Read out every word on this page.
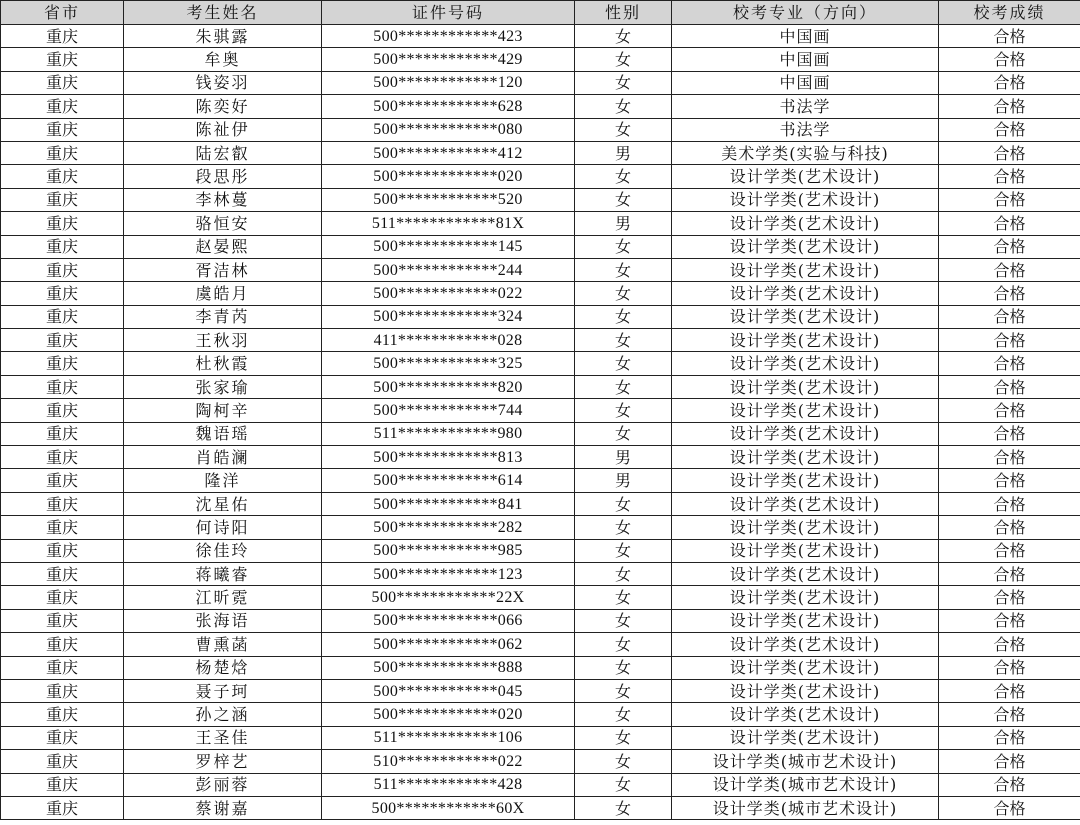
省市	考生姓名	证件号码	性别	校考专业（方向）	校考成绩
重庆	朱骐露	500************423	女	中国画	合格
重庆	牟奥	500************429	女	中国画	合格
重庆	钱姿羽	500************120	女	中国画	合格
重庆	陈奕好	500************628	女	书法学	合格
重庆	陈祉伊	500************080	女	书法学	合格
重庆	陆宏叡	500************412	男	美术学类(实验与科技)	合格
重庆	段思彤	500************020	女	设计学类(艺术设计)	合格
重庆	李林蔓	500************520	女	设计学类(艺术设计)	合格
重庆	骆恒安	511************81X	男	设计学类(艺术设计)	合格
重庆	赵晏熙	500************145	女	设计学类(艺术设计)	合格
重庆	胥洁林	500************244	女	设计学类(艺术设计)	合格
重庆	虞皓月	500************022	女	设计学类(艺术设计)	合格
重庆	李青芮	500************324	女	设计学类(艺术设计)	合格
重庆	王秋羽	411************028	女	设计学类(艺术设计)	合格
重庆	杜秋霞	500************325	女	设计学类(艺术设计)	合格
重庆	张家瑜	500************820	女	设计学类(艺术设计)	合格
重庆	陶柯辛	500************744	女	设计学类(艺术设计)	合格
重庆	魏语瑶	511************980	女	设计学类(艺术设计)	合格
重庆	肖皓澜	500************813	男	设计学类(艺术设计)	合格
重庆	隆洋	500************614	男	设计学类(艺术设计)	合格
重庆	沈星佑	500************841	女	设计学类(艺术设计)	合格
重庆	何诗阳	500************282	女	设计学类(艺术设计)	合格
重庆	徐佳玲	500************985	女	设计学类(艺术设计)	合格
重庆	蒋曦睿	500************123	女	设计学类(艺术设计)	合格
重庆	江昕霓	500************22X	女	设计学类(艺术设计)	合格
重庆	张海语	500************066	女	设计学类(艺术设计)	合格
重庆	曹熏菡	500************062	女	设计学类(艺术设计)	合格
重庆	杨楚焓	500************888	女	设计学类(艺术设计)	合格
重庆	聂子珂	500************045	女	设计学类(艺术设计)	合格
重庆	孙之涵	500************020	女	设计学类(艺术设计)	合格
重庆	王圣佳	511************106	女	设计学类(艺术设计)	合格
重庆	罗梓艺	510************022	女	设计学类(城市艺术设计)	合格
重庆	彭丽蓉	511************428	女	设计学类(城市艺术设计)	合格
重庆	蔡谢嘉	500************60X	女	设计学类(城市艺术设计)	合格
